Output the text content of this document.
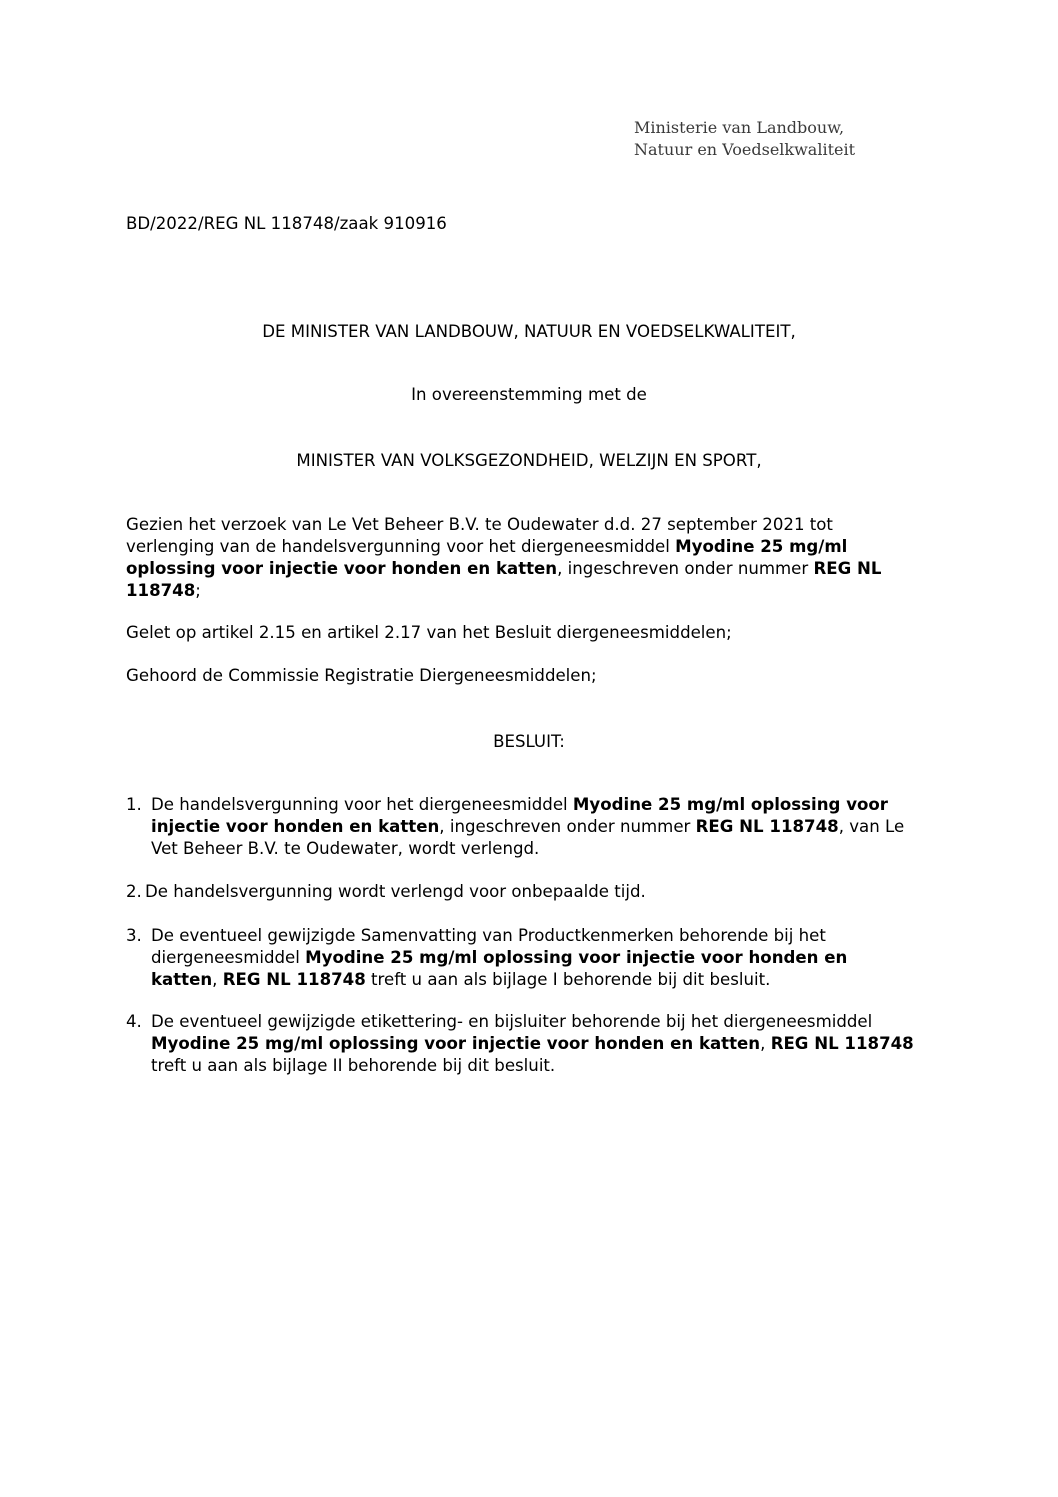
Ministerie van Landbouw,
Natuur en Voedselkwaliteit
BD/2022/REG NL 118748/zaak 910916
DE MINISTER VAN LANDBOUW, NATUUR EN VOEDSELKWALITEIT,
In overeenstemming met de
MINISTER VAN VOLKSGEZONDHEID, WELZIJN EN SPORT,
Gezien het verzoek van Le Vet Beheer B.V. te Oudewater d.d. 27 september 2021 tot verlenging van de handelsvergunning voor het diergeneesmiddel Myodine 25 mg/ml oplossing voor injectie voor honden en katten, ingeschreven onder nummer REG NL 118748;
Gelet op artikel 2.15 en artikel 2.17 van het Besluit diergeneesmiddelen;
Gehoord de Commissie Registratie Diergeneesmiddelen;
BESLUIT:
1. De handelsvergunning voor het diergeneesmiddel Myodine 25 mg/ml oplossing voor injectie voor honden en katten, ingeschreven onder nummer REG NL 118748, van Le Vet Beheer B.V. te Oudewater, wordt verlengd.
2. De handelsvergunning wordt verlengd voor onbepaalde tijd.
3. De eventueel gewijzigde Samenvatting van Productkenmerken behorende bij het diergeneesmiddel Myodine 25 mg/ml oplossing voor injectie voor honden en katten, REG NL 118748 treft u aan als bijlage I behorende bij dit besluit.
4. De eventueel gewijzigde etikettering- en bijsluiter behorende bij het diergeneesmiddel Myodine 25 mg/ml oplossing voor injectie voor honden en katten, REG NL 118748 treft u aan als bijlage II behorende bij dit besluit.
